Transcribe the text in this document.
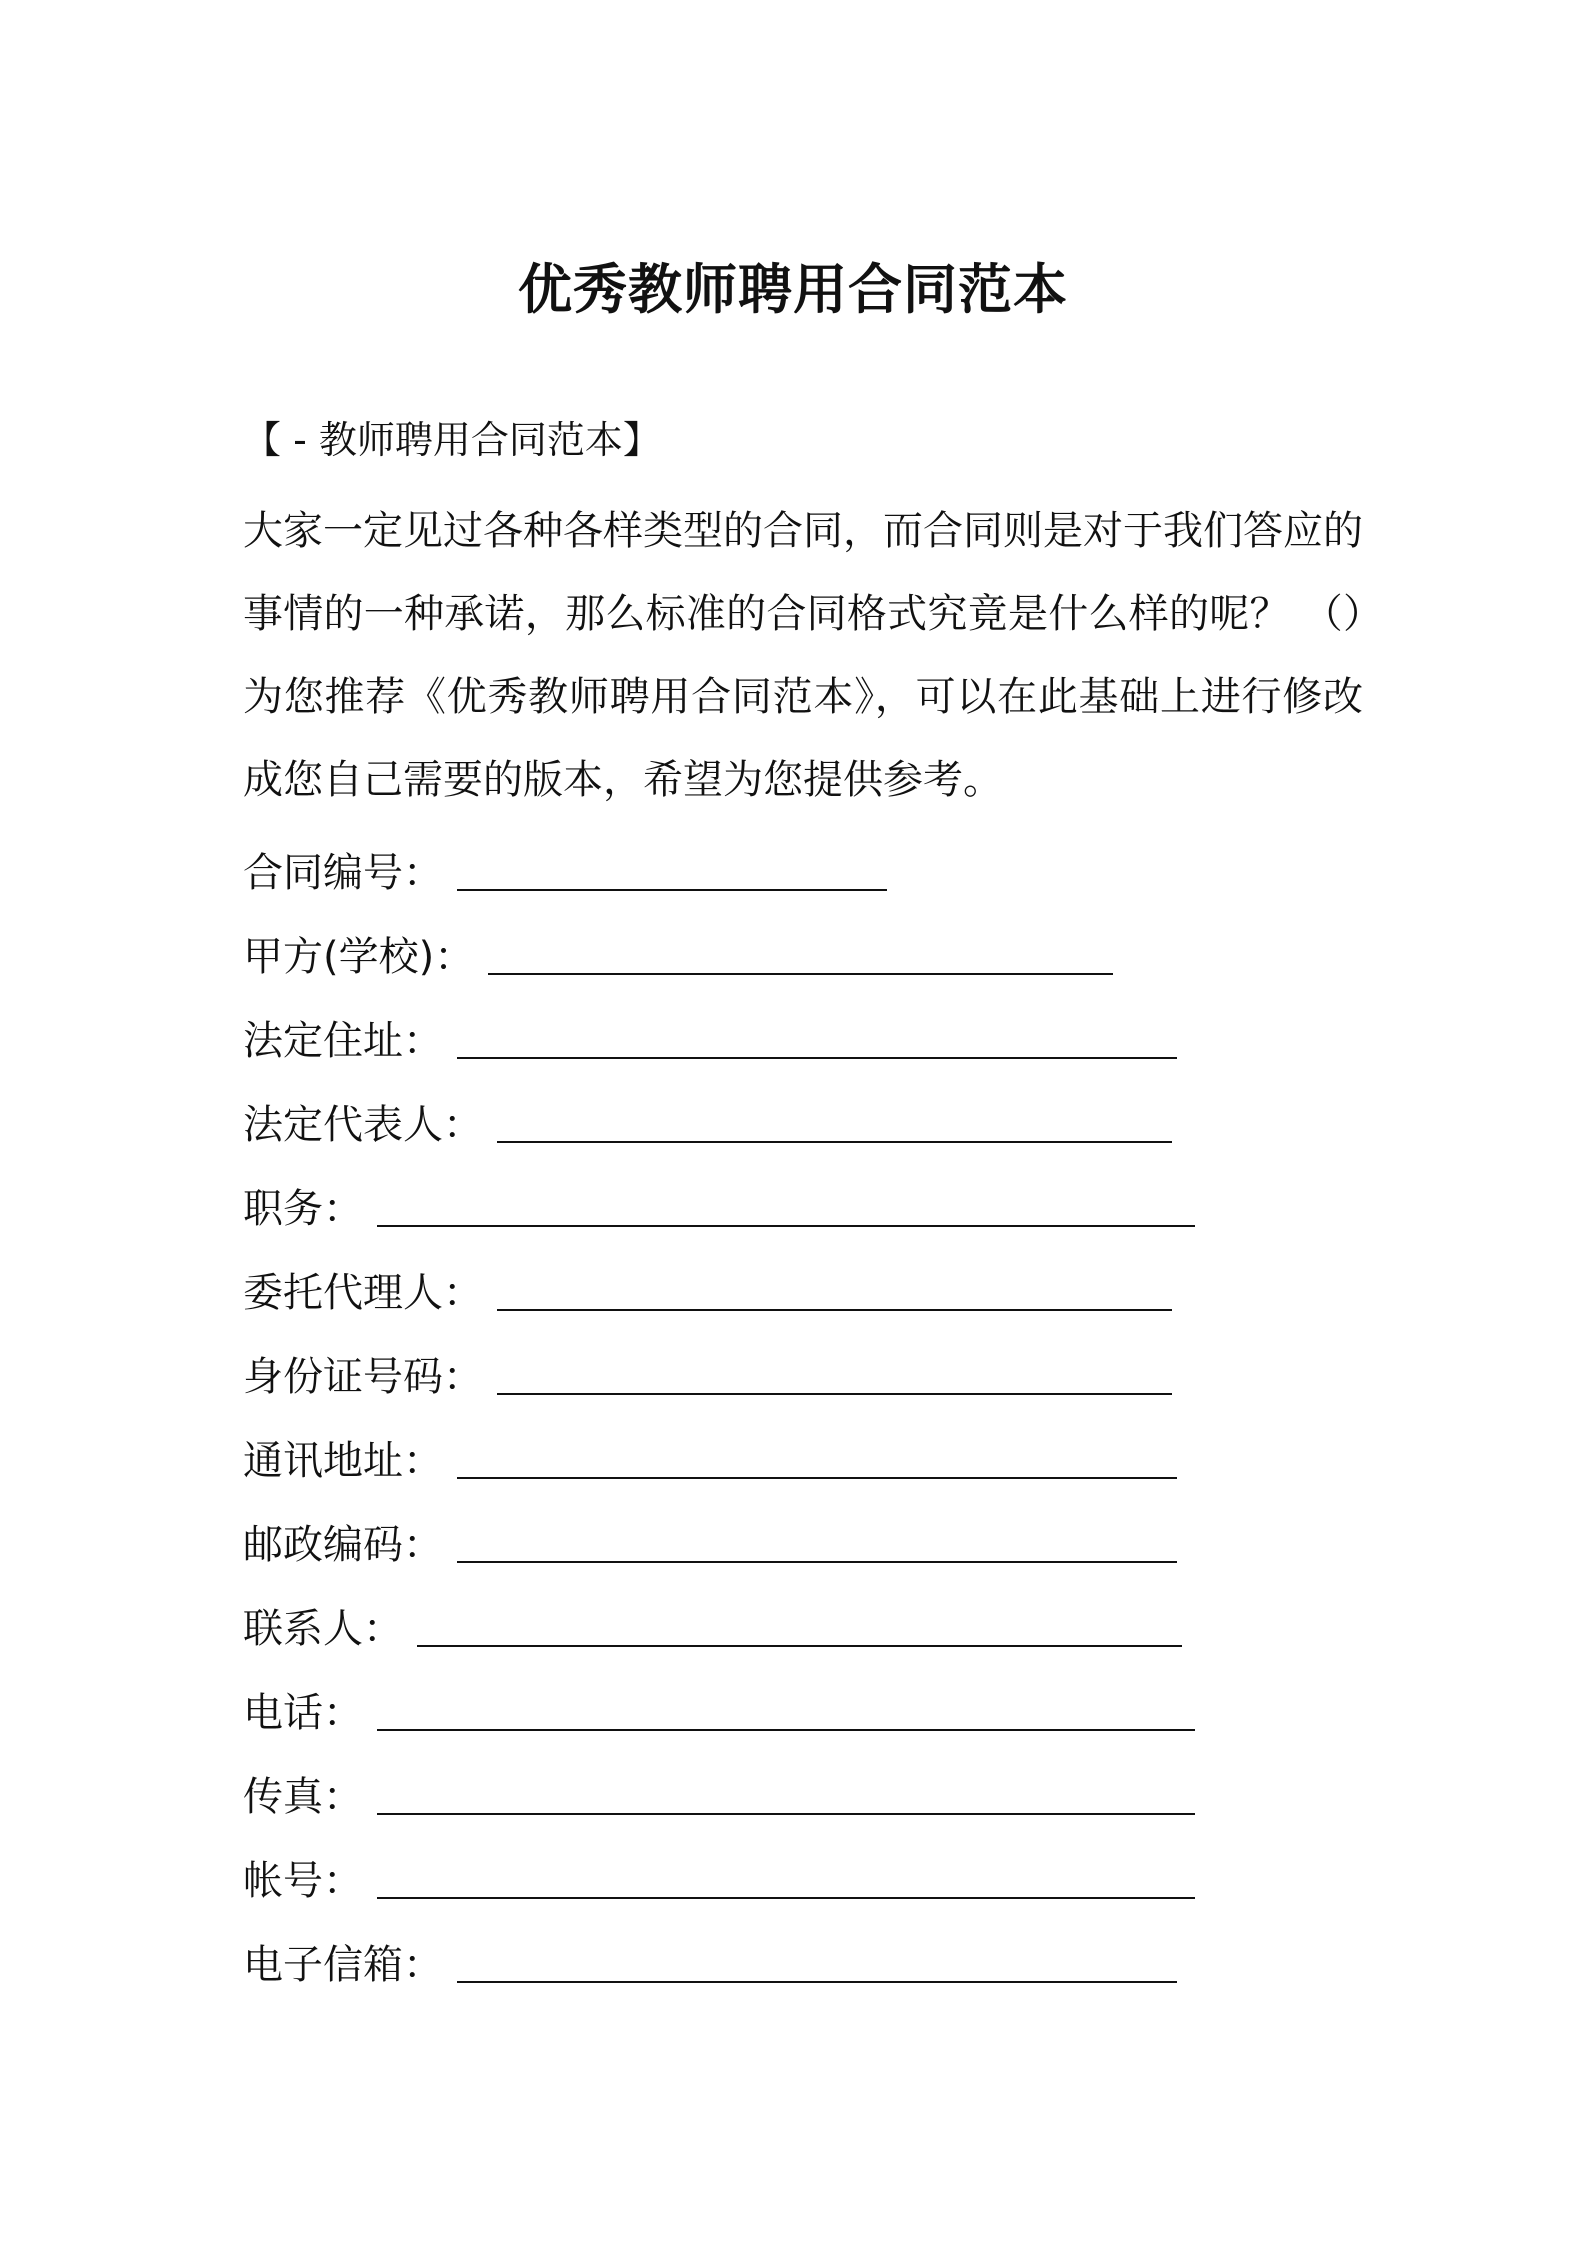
优秀教师聘用合同范本
【 - 教师聘用合同范本】

大家一定见过各种各样类型的合同，而合同则是对于我们答应的事情的一种承诺，那么标准的合同格式究竟是什么样的呢？ （）为您推荐《优秀教师聘用合同范本》，可以在此基础上进行修改成您自己需要的版本，希望为您提供参考。

合同编号：
甲方(学校)：
法定住址：
法定代表人：
职务：
委托代理人：
身份证号码：
通讯地址：
邮政编码：
联系人：
电话：
传真：
帐号：
电子信箱：
